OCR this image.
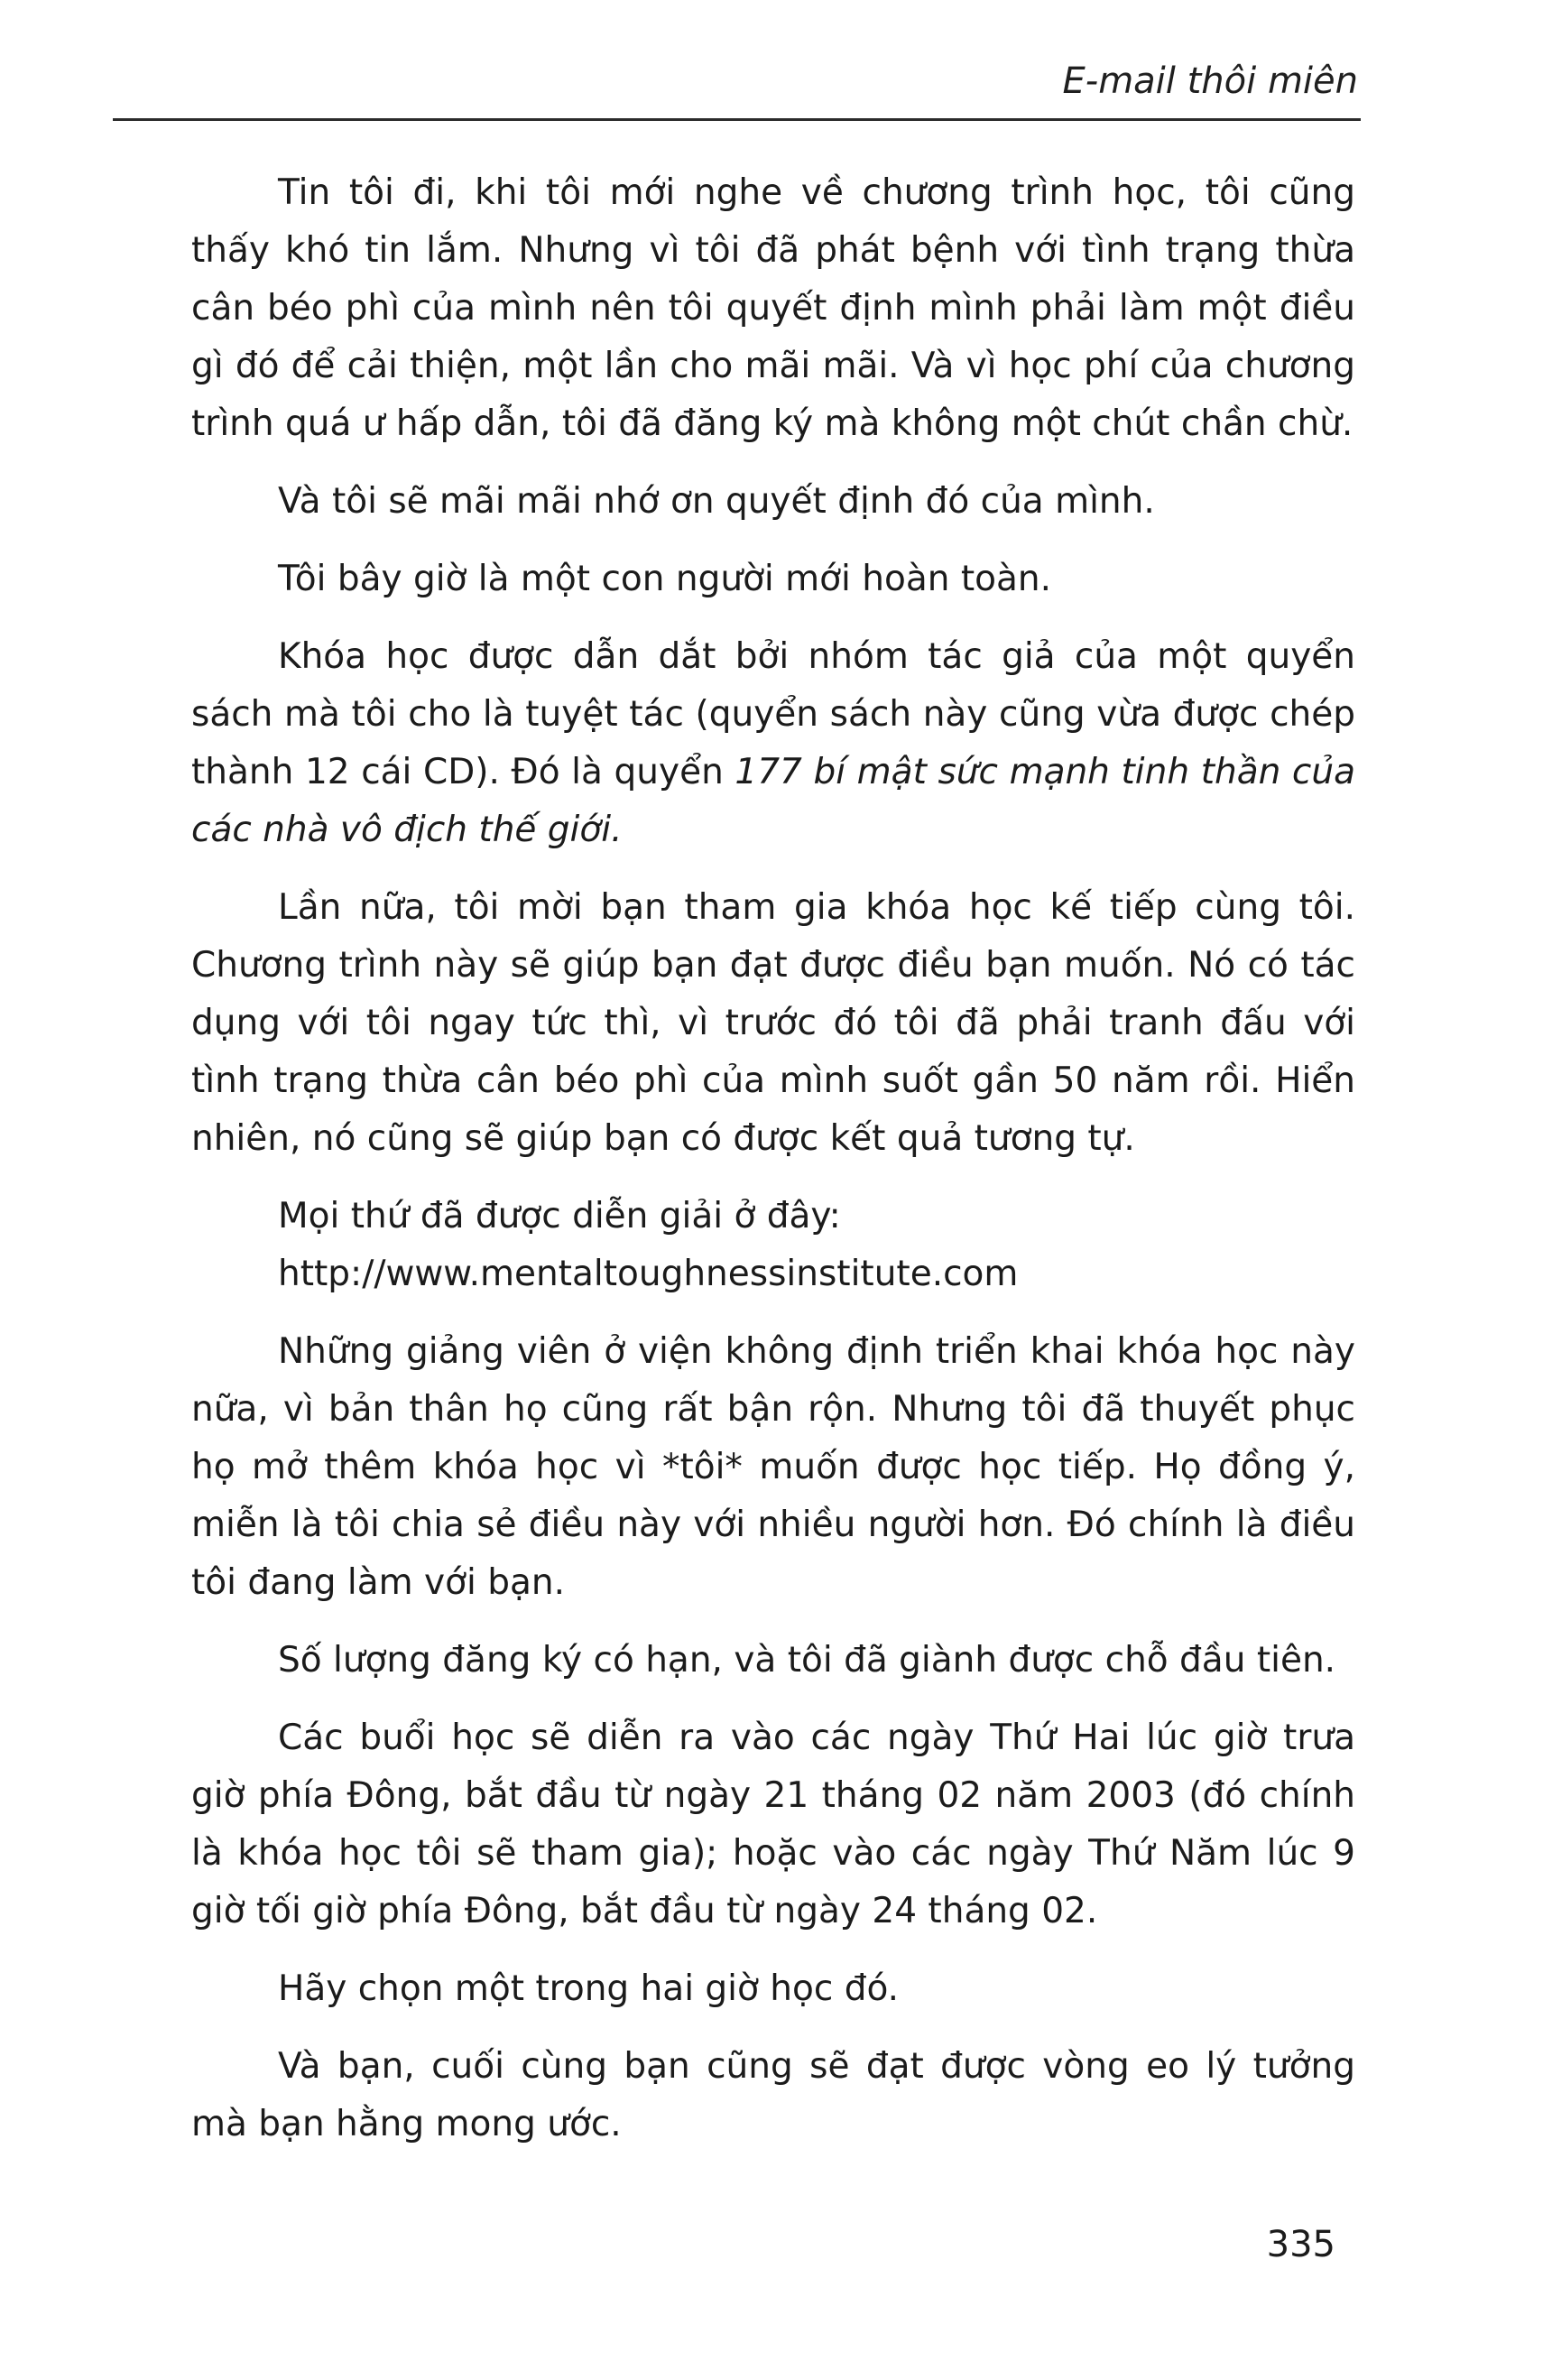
E-mail thôi miên

Tin tôi đi, khi tôi mới nghe về chương trình học, tôi cũng thấy khó tin lắm. Nhưng vì tôi đã phát bệnh với tình trạng thừa cân béo phì của mình nên tôi quyết định mình phải làm một điều gì đó để cải thiện, một lần cho mãi mãi. Và vì học phí của chương trình quá ư hấp dẫn, tôi đã đăng ký mà không một chút chần chừ.

Và tôi sẽ mãi mãi nhớ ơn quyết định đó của mình.

Tôi bây giờ là một con người mới hoàn toàn.

Khóa học được dẫn dắt bởi nhóm tác giả của một quyển sách mà tôi cho là tuyệt tác (quyển sách này cũng vừa được chép thành 12 cái CD). Đó là quyển 177 bí mật sức mạnh tinh thần của các nhà vô địch thế giới.

Lần nữa, tôi mời bạn tham gia khóa học kế tiếp cùng tôi. Chương trình này sẽ giúp bạn đạt được điều bạn muốn. Nó có tác dụng với tôi ngay tức thì, vì trước đó tôi đã phải tranh đấu với tình trạng thừa cân béo phì của mình suốt gần 50 năm rồi. Hiển nhiên, nó cũng sẽ giúp bạn có được kết quả tương tự.

Mọi thứ đã được diễn giải ở đây:

http://www.mentaltoughnessinstitute.com

Những giảng viên ở viện không định triển khai khóa học này nữa, vì bản thân họ cũng rất bận rộn. Nhưng tôi đã thuyết phục họ mở thêm khóa học vì *tôi* muốn được học tiếp. Họ đồng ý, miễn là tôi chia sẻ điều này với nhiều người hơn. Đó chính là điều tôi đang làm với bạn.

Số lượng đăng ký có hạn, và tôi đã giành được chỗ đầu tiên.

Các buổi học sẽ diễn ra vào các ngày Thứ Hai lúc giờ trưa giờ phía Đông, bắt đầu từ ngày 21 tháng 02 năm 2003 (đó chính là khóa học tôi sẽ tham gia); hoặc vào các ngày Thứ Năm lúc 9 giờ tối giờ phía Đông, bắt đầu từ ngày 24 tháng 02.

Hãy chọn một trong hai giờ học đó.

Và bạn, cuối cùng bạn cũng sẽ đạt được vòng eo lý tưởng mà bạn hằng mong ước.

335
